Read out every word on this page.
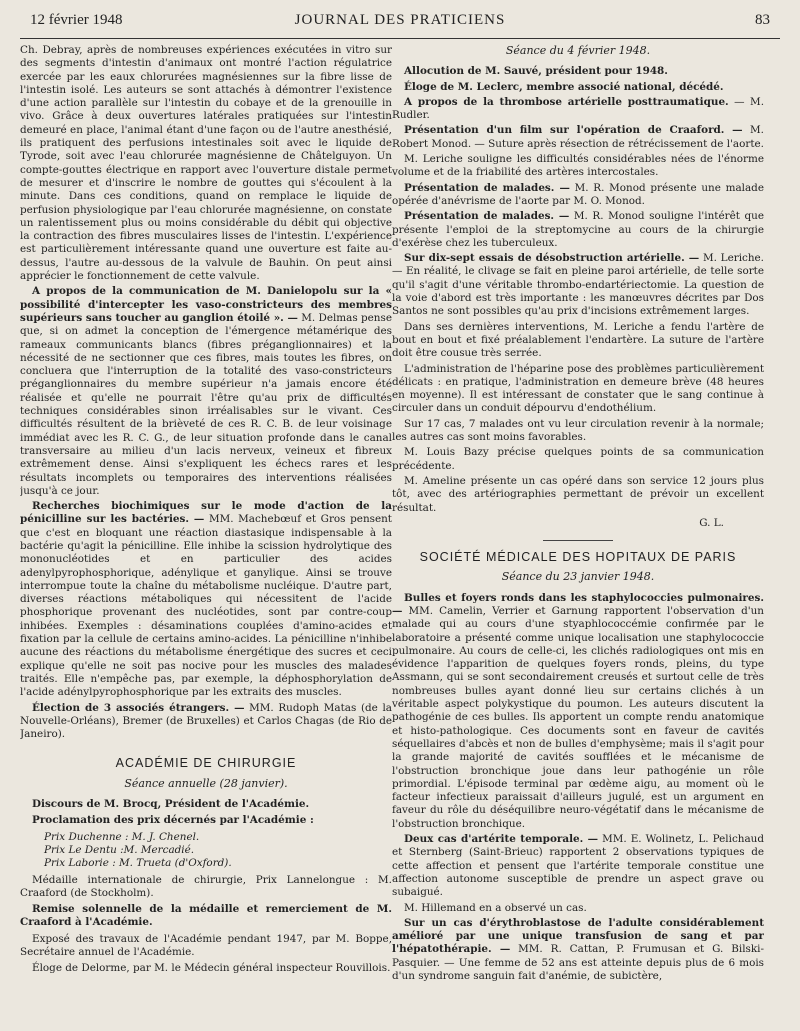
12 février 1948	JOURNAL DES PRATICIENS	83

Ch. Debray, après de nombreuses expériences exécutées in vitro sur des segments d'intestin d'animaux ont montré l'action régulatrice exercée par les eaux chlorurées magnésiennes sur la fibre lisse de l'intestin isolé. Les auteurs se sont attachés à démontrer l'existence d'une action parallèle sur l'intestin du cobaye et de la grenouille in vivo. Grâce à deux ouvertures latérales pratiquées sur l'intestin demeuré en place, l'animal étant d'une façon ou de l'autre anesthésié, ils pratiquent des perfusions intestinales soit avec le liquide de Tyrode, soit avec l'eau chlorurée magnésienne de Châtelguyon. Un compte-gouttes électrique en rapport avec l'ouverture distale permet de mesurer et d'inscrire le nombre de gouttes qui s'écoulent à la minute. Dans ces conditions, quand on remplace le liquide de perfusion physiologique par l'eau chlorurée magnésienne, on constate un ralentissement plus ou moins considérable du débit qui objective la contraction des fibres musculaires lisses de l'intestin. L'expérience est particulièrement intéressante quand une ouverture est faite au-dessus, l'autre au-dessous de la valvule de Bauhin. On peut ainsi apprécier le fonctionnement de cette valvule.

A propos de la communication de M. Danielopolu sur la « possibilité d'intercepter les vaso-constricteurs des membres supérieurs sans toucher au ganglion étoilé ». — M. Delmas pense que, si on admet la conception de l'émergence métamérique des rameaux communicants blancs (fibres préganglionnaires) et la nécessité de ne sectionner que ces fibres, mais toutes les fibres, on concluera que l'interruption de la totalité des vaso-constricteurs préganglionnaires du membre supérieur n'a jamais encore été réalisée et qu'elle ne pourrait l'être qu'au prix de difficultés techniques considérables sinon irréalisables sur le vivant. Ces difficultés résultent de la brièveté de ces R. C. B. de leur voisinage immédiat avec les R. C. G., de leur situation profonde dans le canal transversaire au milieu d'un lacis nerveux, veineux et fibreux extrêmement dense. Ainsi s'expliquent les échecs rares et les résultats incomplets ou temporaires des interventions réalisées jusqu'à ce jour.

Recherches biochimiques sur le mode d'action de la pénicilline sur les bactéries. — MM. Machebœuf et Gros pensent que c'est en bloquant une réaction diastasique indispensable à la bactérie qu'agit la pénicilline. Elle inhibe la scission hydrolytique des mononucléotides et en particulier des acides adenylpyrophosphorique, adénylique et ganylique. Ainsi se trouve interrompue toute la chaîne du métabolisme nucléique. D'autre part, diverses réactions métaboliques qui nécessitent de l'acide phosphorique provenant des nucléotides, sont par contre-coup inhibées. Exemples : désaminations couplées d'amino-acides et fixation par la cellule de certains amino-acides. La pénicilline n'inhibe aucune des réactions du métabolisme énergétique des sucres et ceci explique qu'elle ne soit pas nocive pour les muscles des malades traités. Elle n'empêche pas, par exemple, la déphosphorylation de l'acide adénylpyrophosphorique par les extraits des muscles.

Élection de 3 associés étrangers. — MM. Rudoph Matas (de la Nouvelle-Orléans), Bremer (de Bruxelles) et Carlos Chagas (de Rio de Janeiro).

ACADÉMIE DE CHIRURGIE
Séance annuelle (28 janvier).

Discours de M. Brocq, Président de l'Académie.

Proclamation des prix décernés par l'Académie :

Prix Duchenne : M. J. Chenel.

Prix Le Dentu :M. Mercadié.

Prix Laborie : M. Trueta (d'Oxford).

Médaille internationale de chirurgie, Prix Lannelongue : M. Craaford (de Stockholm).

Remise solennelle de la médaille et remerciement de M. Craaford à l'Académie.

Exposé des travaux de l'Académie pendant 1947, par M. Boppe, Secrétaire annuel de l'Académie.

Éloge de Delorme, par M. le Médecin général inspecteur Rouvillois.

Séance du 4 février 1948.

Allocution de M. Sauvé, président pour 1948.

Éloge de M. Leclerc, membre associé national, décédé.

A propos de la thrombose artérielle posttraumatique. — M. Rudler.

Présentation d'un film sur l'opération de Craaford. — M. Robert Monod. — Suture après résection de rétrécissement de l'aorte.

M. Leriche souligne les difficultés considérables nées de l'énorme volume et de la friabilité des artères intercostales.

Présentation de malades. — M. R. Monod présente une malade opérée d'anévrisme de l'aorte par M. O. Monod.

Présentation de malades. — M. R. Monod souligne l'intérêt que présente l'emploi de la streptomycine au cours de la chirurgie d'exérèse chez les tuberculeux.

Sur dix-sept essais de désobstruction artérielle. — M. Leriche. — En réalité, le clivage se fait en pleine paroi artérielle, de telle sorte qu'il s'agit d'une véritable thrombo-endartériectomie. La question de la voie d'abord est très importante : les manœuvres décrites par Dos Santos ne sont possibles qu'au prix d'incisions extrêmement larges.

Dans ses dernières interventions, M. Leriche a fendu l'artère de bout en bout et fixé préalablement l'endartère. La suture de l'artère doit être cousue très serrée.

L'administration de l'héparine pose des problèmes particulièrement délicats : en pratique, l'administration en demeure brève (48 heures en moyenne). Il est intéressant de constater que le sang continue à circuler dans un conduit dépourvu d'endothélium.

Sur 17 cas, 7 malades ont vu leur circulation revenir à la normale; les autres cas sont moins favorables.

M. Louis Bazy précise quelques points de sa communication précédente.

M. Ameline présente un cas opéré dans son service 12 jours plus tôt, avec des artériographies permettant de prévoir un excellent résultat.

G. L.
SOCIÉTÉ MÉDICALE DES HOPITAUX DE PARIS
Séance du 23 janvier 1948.

Bulles et foyers ronds dans les staphylococcies pulmonaires. — MM. Camelin, Verrier et Garnung rapportent l'observation d'un malade qui au cours d'une styaphlococcémie confirmée par le laboratoire a présenté comme unique localisation une staphylococcie pulmonaire. Au cours de celle-ci, les clichés radiologiques ont mis en évidence l'apparition de quelques foyers ronds, pleins, du type Assmann, qui se sont secondairement creusés et surtout celle de très nombreuses bulles ayant donné lieu sur certains clichés à un véritable aspect polykystique du poumon. Les auteurs discutent la pathogénie de ces bulles. Ils apportent un compte rendu anatomique et histo-pathologique. Ces documents sont en faveur de cavités séquellaires d'abcès et non de bulles d'emphysème; mais il s'agit pour la grande majorité de cavités soufflées et le mécanisme de l'obstruction bronchique joue dans leur pathogénie un rôle primordial. L'épisode terminal par œdème aigu, au moment où le facteur infectieux paraissait d'ailleurs jugulé, est un argument en faveur du rôle du déséquilibre neuro-végétatif dans le mécanisme de l'obstruction bronchique.

Deux cas d'artérite temporale. — MM. E. Wolinetz, L. Pelichaud et Sternberg (Saint-Brieuc) rapportent 2 observations typiques de cette affection et pensent que l'artérite temporale constitue une affection autonome susceptible de prendre un aspect grave ou subaigué.

M. Hillemand en a observé un cas.

Sur un cas d'érythroblastose de l'adulte considérablement amélioré par une unique transfusion de sang et par l'hépatothérapie. — MM. R. Cattan, P. Frumusan et G. Bilski-Pasquier. — Une femme de 52 ans est atteinte depuis plus de 6 mois d'un syndrome sanguin fait d'anémie, de subictère,
